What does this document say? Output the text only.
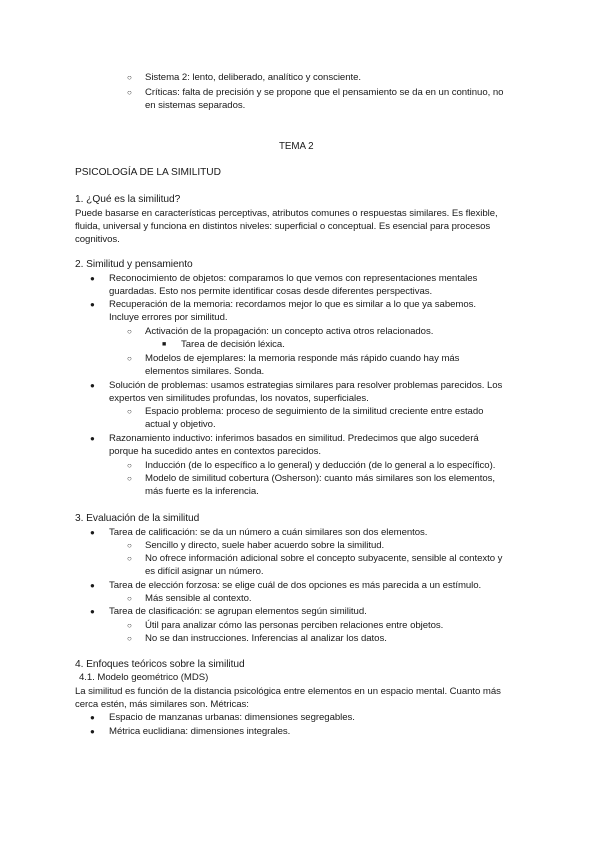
○ Sistema 2: lento, deliberado, analítico y consciente.
○ Críticas: falta de precisión y se propone que el pensamiento se da en un continuo, no
en sistemas separados.
TEMA 2
PSICOLOGÍA DE LA SIMILITUD
1. ¿Qué es la similitud?
Puede basarse en características perceptivas, atributos comunes o respuestas similares. Es flexible,
fluida, universal y funciona en distintos niveles: superficial o conceptual. Es esencial para procesos
cognitivos.
2. Similitud y pensamiento
● Reconocimiento de objetos: comparamos lo que vemos con representaciones mentales
guardadas. Esto nos permite identificar cosas desde diferentes perspectivas.
● Recuperación de la memoria: recordamos mejor lo que es similar a lo que ya sabemos.
Incluye errores por similitud.
○ Activación de la propagación: un concepto activa otros relacionados.
■ Tarea de decisión léxica.
○ Modelos de ejemplares: la memoria responde más rápido cuando hay más
elementos similares. Sonda.
● Solución de problemas: usamos estrategias similares para resolver problemas parecidos. Los
expertos ven similitudes profundas, los novatos, superficiales.
○ Espacio problema: proceso de seguimiento de la similitud creciente entre estado
actual y objetivo.
● Razonamiento inductivo: inferimos basados en similitud. Predecimos que algo sucederá
porque ha sucedido antes en contextos parecidos.
○ Inducción (de lo específico a lo general) y deducción (de lo general a lo específico).
○ Modelo de similitud cobertura (Osherson): cuanto más similares son los elementos,
más fuerte es la inferencia.
3. Evaluación de la similitud
● Tarea de calificación: se da un número a cuán similares son dos elementos.
○ Sencillo y directo, suele haber acuerdo sobre la similitud.
○ No ofrece información adicional sobre el concepto subyacente, sensible al contexto y
es difícil asignar un número.
● Tarea de elección forzosa: se elige cuál de dos opciones es más parecida a un estímulo.
○ Más sensible al contexto.
● Tarea de clasificación: se agrupan elementos según similitud.
○ Útil para analizar cómo las personas perciben relaciones entre objetos.
○ No se dan instrucciones. Inferencias al analizar los datos.
4. Enfoques teóricos sobre la similitud
4.1. Modelo geométrico (MDS)
La similitud es función de la distancia psicológica entre elementos en un espacio mental. Cuanto más
cerca estén, más similares son. Métricas:
● Espacio de manzanas urbanas: dimensiones segregables.
● Métrica euclidiana: dimensiones integrales.
